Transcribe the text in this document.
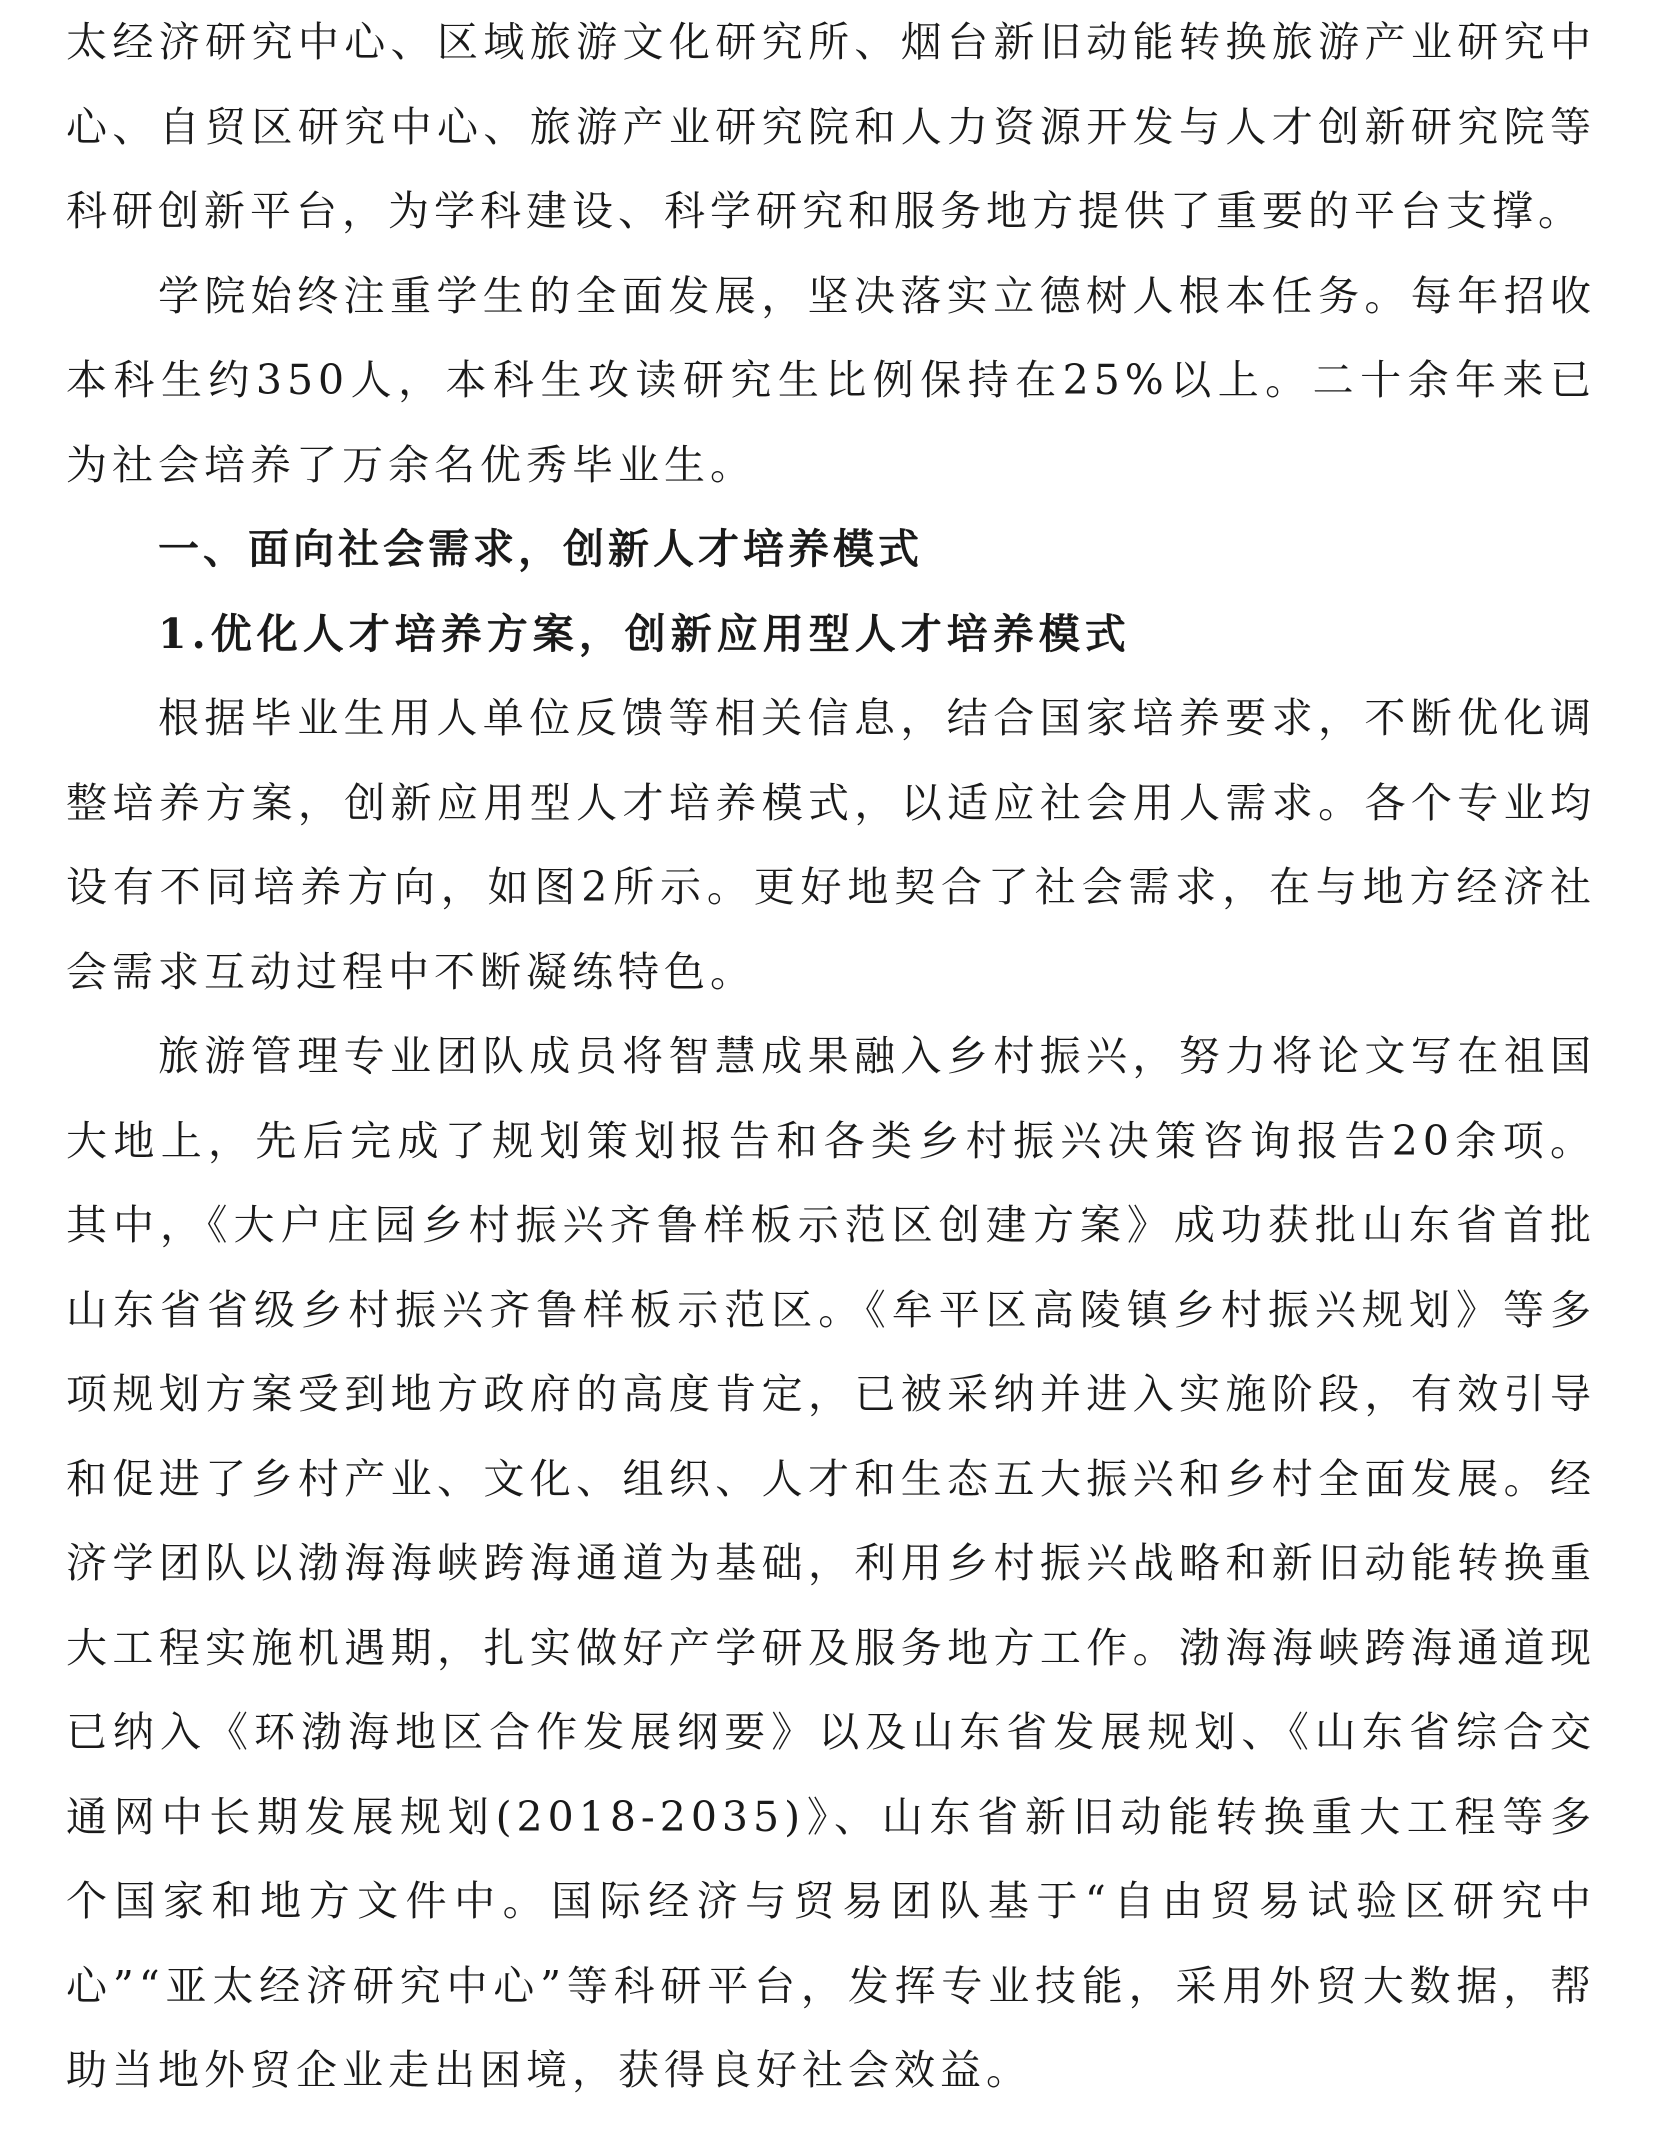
太经济研究中心、区域旅游文化研究所、烟台新旧动能转换旅游产业研究中心、自贸区研究中心、旅游产业研究院和人力资源开发与人才创新研究院等科研创新平台，为学科建设、科学研究和服务地方提供了重要的平台支撑。

学院始终注重学生的全面发展，坚决落实立德树人根本任务。每年招收本科生约350人，本科生攻读研究生比例保持在25%以上。二十余年来已为社会培养了万余名优秀毕业生。

一、面向社会需求，创新人才培养模式
1.优化人才培养方案，创新应用型人才培养模式

根据毕业生用人单位反馈等相关信息，结合国家培养要求，不断优化调整培养方案，创新应用型人才培养模式，以适应社会用人需求。各个专业均设有不同培养方向，如图2所示。更好地契合了社会需求，在与地方经济社会需求互动过程中不断凝练特色。

旅游管理专业团队成员将智慧成果融入乡村振兴，努力将论文写在祖国大地上，先后完成了规划策划报告和各类乡村振兴决策咨询报告20余项。其中，《大户庄园乡村振兴齐鲁样板示范区创建方案》成功获批山东省首批山东省省级乡村振兴齐鲁样板示范区。《牟平区高陵镇乡村振兴规划》等多项规划方案受到地方政府的高度肯定，已被采纳并进入实施阶段，有效引导和促进了乡村产业、文化、组织、人才和生态五大振兴和乡村全面发展。经济学团队以渤海海峡跨海通道为基础，利用乡村振兴战略和新旧动能转换重大工程实施机遇期，扎实做好产学研及服务地方工作。渤海海峡跨海通道现已纳入《环渤海地区合作发展纲要》以及山东省发展规划、《山东省综合交通网中长期发展规划(2018-2035)》、山东省新旧动能转换重大工程等多个国家和地方文件中。国际经济与贸易团队基于“自由贸易试验区研究中心”“亚太经济研究中心”等科研平台，发挥专业技能，采用外贸大数据，帮助当地外贸企业走出困境，获得良好社会效益。
